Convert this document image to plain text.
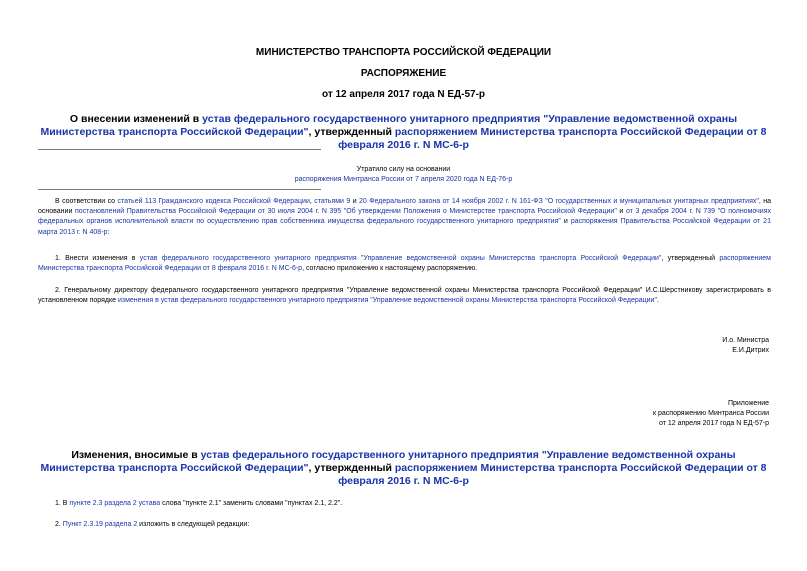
МИНИСТЕРСТВО ТРАНСПОРТА РОССИЙСКОЙ ФЕДЕРАЦИИ
РАСПОРЯЖЕНИЕ
от 12 апреля 2017 года N ЕД-57-р
О внесении изменений в устав федерального государственного унитарного предприятия "Управление ведомственной охраны Министерства транспорта Российской Федерации", утвержденный распоряжением Министерства транспорта Российской Федерации от 8 февраля 2016 г. N МС-6-р
Утратило силу на основании
распоряжения Минтранса России от 7 апреля 2020 года N ЕД-76-р
В соответствии со статьей 113 Гражданского кодекса Российской Федерации, статьями 9 и 20 Федерального закона от 14 ноября 2002 г. N 161-ФЗ "О государственных и муниципальных унитарных предприятиях", на основании постановлений Правительства Российской Федерации от 30 июля 2004 г. N 395 "Об утверждении Положения о Министерстве транспорта Российской Федерации" и от 3 декабря 2004 г. N 739 "О полномочиях федеральных органов исполнительной власти по осуществлению прав собственника имущества федерального государственного унитарного предприятия" и распоряжения Правительства Российской Федерации от 21 марта 2013 г. N 408-р:
1. Внести изменения в устав федерального государственного унитарного предприятия "Управление ведомственной охраны Министерства транспорта Российской Федерации", утвержденный распоряжением Министерства транспорта Российской Федерации от 8 февраля 2016 г. N МС-6-р, согласно приложению к настоящему распоряжению.
2. Генеральному директору федерального государственного унитарного предприятия "Управление ведомственной охраны Министерства транспорта Российской Федерации" И.С.Шерстникову зарегистрировать в установленном порядке изменения в устав федерального государственного унитарного предприятия "Управление ведомственной охраны Министерства транспорта Российской Федерации".
И.о. Министра
Е.И.Дитрих
Приложение
к распоряжению Минтранса России
от 12 апреля 2017 года N ЕД-57-р
Изменения, вносимые в устав федерального государственного унитарного предприятия "Управление ведомственной охраны Министерства транспорта Российской Федерации", утвержденный распоряжением Министерства транспорта Российской Федерации от 8 февраля 2016 г. N МС-6-р
1. В пункте 2.3 раздела 2 устава слова "пункте 2.1" заменить словами "пунктах 2.1, 2.2".
2. Пункт 2.3.19 раздела 2 изложить в следующей редакции:
